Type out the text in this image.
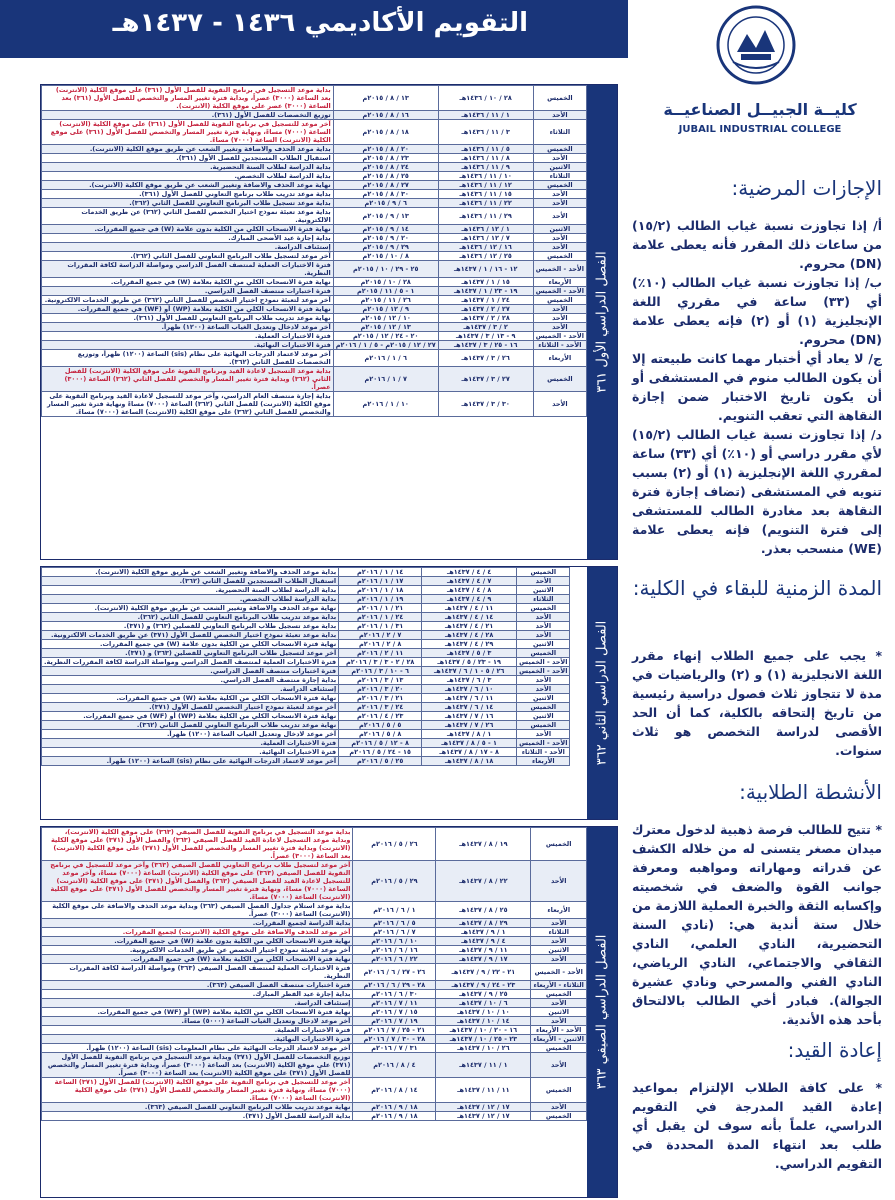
التقويم الأكاديمي ١٤٣٦ - ١٤٣٧هـ
كليــة الجبيــل الصناعيــة
JUBAIL INDUSTRIAL COLLEGE
الإجازات المرضية:

أ/ إذا تجاوزت نسبة غياب الطالب (١٥/٢) من ساعات ذلك المقرر فأنه يعطى علامة (DN) محروم.

ب/ إذا تجاوزت نسبة غياب الطالب (١٠٪) أي (٣٣) ساعة في مقرري اللغة الإنجليزية (١) أو (٢) فإنه يعطى علامة (DN) محروم.

ج/ لا يعاد أي أختبار مهما كانت طبيعته إلا أن يكون الطالب منوم في المستشفى أو أن يكون تاريخ الاختبار ضمن إجازة النقاهة التي تعقب التنويم.

د/ إذا تجاوزت نسبة غياب الطالب (١٥/٢) لأي مقرر دراسي أو (١٠٪) أي (٣٣) ساعة لمقرري اللغة الإنجليزية (١) أو (٢) بسبب تنويه في المستشفى (تضاف إجازة فترة النقاهة بعد مغادرة الطالب للمستشفى إلى فترة التنويم) فإنه يعطى علامة (WE) منسحب بعذر.

المدة الزمنية للبقاء في الكلية:

* يجب على جميع الطلاب إنهاء مقرر اللغة الانجليزية (١) و (٢) والرياضيات في مدة لا تتجاوز ثلاث فصول دراسية رئيسية من تاريخ إلتحاقه بالكلية، كما أن الحد الأقصى لدراسة التخصص هو ثلاث سنوات.

الأنشطة الطلابية:

* تتيح للطالب فرصة ذهبية لدخول معترك ميدان مصغر يتسنى له من خلاله الكشف عن قدراته ومهاراته ومواهبه ومعرفة جوانب القوة والضعف في شخصيته وإكسابه الثقة والخبرة العملية اللازمة من خلال ستة أندية هي: (نادي السنة التحضيرية، النادي العلمي، النادي الثقافي والاجتماعي، النادي الرياضي، النادي الفني والمسرحي ونادي عشيرة الجوالة). فبادر أخي الطالب بالالتحاق بأحد هذه الأندية.

إعادة القيد:

* على كافة الطلاب الإلتزام بمواعيد إعادة القيد المدرجة في التقويم الدراسي، علماً بأنه سوف لن يقبل أي طلب بعد انتهاء المدة المحددة في التقويم الدراسي.

الفصل الدراسي الأول ٣٦١
الخميس	٢٨ / ١٠ / ١٤٣٦هـ	١٣ / ٨ / ٢٠١٥م	بداية موعد التسجيل في برنامج التقوية للفصل الأول (٣٦١) على موقع الكلية (الانترنت) بعد الساعة (٣٠٠٠) عصراً، وبداية فترة تغيير المسار والتخصص للفصل الأول (٣٦١) بعد الساعة (٣٠٠٠) عصر على موقع الكلية (الانترنت).
الأحد	١ / ١١ / ١٤٣٦هـ	١٦ / ٨ / ٢٠١٥م	توزيع التخصصات للفصل الأول (٣٦١).
الثلاثاء	٣ / ١١ / ١٤٣٦هـ	١٨ / ٨ / ٢٠١٥م	آخر موعد للتسجيل في برنامج التقوية للفصل الأول (٣٦١) على موقع الكلية (الانترنت) الساعة (٧٠٠٠) مساءً، ونهاية فترة تغيير المسار والتخصص للفصل الأول (٣٦١) على موقع الكلية (الانترنت) الساعة (٧٠٠٠) مساءً.
الخميس	٥ / ١١ / ١٤٣٦هـ	٢٠ / ٨ / ٢٠١٥م	بداية موعد الحذف والاضافة وتغيير الشعب عن طريق موقع الكلية (الانترنت).
الأحد	٨ / ١١ / ١٤٣٦هـ	٢٣ / ٨ / ٢٠١٥م	استقبال الطلاب المستجدين للفصل الأول (٣٦١).
الاثنين	٩ / ١١ / ١٤٣٦هـ	٢٤ / ٨ / ٢٠١٥م	بداية الدراسة لطلاب السنة التحضيرية.
الثلاثاء	١٠ / ١١ / ١٤٣٦هـ	٢٥ / ٨ / ٢٠١٥م	بداية الدراسة لطلاب التخصص.
الخميس	١٢ / ١١ / ١٤٣٦هـ	٢٧ / ٨ / ٢٠١٥م	نهاية موعد الحذف والاضافة وتغيير الشعب عن طريق موقع الكلية (الانترنت).
الأحد	١٥ / ١١ / ١٤٣٦هـ	٣٠ / ٨ / ٢٠١٥م	بداية موعد تدريب طلاب برنامج التعاوني للفصل الأول (٣٦١).
الأحد	٢٢ / ١١ / ١٤٣٦هـ	٦ / ٩ / ٢٠١٥م	بداية موعد تسجيل طلاب البرنامج التعاوني للفصل الثاني (٣٦٢).
الأحد	٢٩ / ١١ / ١٤٣٦هـ	١٣ / ٩ / ٢٠١٥م	بداية موعد تعبئة نموذج اختيار التخصص للفصل الثاني (٣٦٢) عن طريق الخدمات الالكترونية.
الاثنين	١ / ١٢ / ١٤٣٦هـ	١٤ / ٩ / ٢٠١٥م	نهاية فترة الانسحاب الكلي من الكلية بدون علامة (W) في جميع المقررات.
الأحد	٧ / ١٢ / ١٤٣٦هـ	٢٠ / ٩ / ٢٠١٥م	بداية إجازة عيد الأضحى المبارك.
الأحد	١٦ / ١٢ / ١٤٣٦هـ	٢٩ / ٩ / ٢٠١٥م	إستئناف الدراسة.
الخميس	٢٥ / ١٢ / ١٤٣٦هـ	٨ / ١٠ / ٢٠١٥م	آخر موعد لتسجيل طلاب البرنامج التعاوني للفصل الثاني (٣٦٢).
الأحد - الخميس	١٢ - ١٦ / ١ / ١٤٣٧هـ	٢٥ - ٢٩ / ١٠ / ٢٠١٥م	فترة الاختبارات العملية لمنتصف الفصل الدراسي ومواصلة الدراسة لكافة المقررات النظرية.
الأربعاء	١٥ / ١ / ١٤٣٧هـ	٢٨ / ١٠ / ٢٠١٥م	نهاية فترة الانسحاب الكلي من الكلية بعلامة (W) في جميع المقررات.
الأحد - الخميس	١٩ - ٢٣ / ١ / ١٤٣٧هـ	١ - ٥ / ١١ / ٢٠١٥م	فترة اختبارات منتصف الفصل الدراسي.
الخميس	٢٤ / ١ / ١٤٣٧هـ	٢٦ / ١١ / ٢٠١٥م	آخر موعد لتعبئة نموذج اختيار التخصص للفصل الثاني (٣٦٢) عن طريق الخدمات الالكترونية.
الأحد	٢٧ / ٢ / ١٤٣٧هـ	٩ / ١٢ / ٢٠١٥م	نهاية فترة الانسحاب الكلي من الكلية بعلامة (WP) أو (WF) في جميع المقررات.
الأحد	٢٨ / ٢ / ١٤٣٧هـ	١٠ / ١٢ / ٢٠١٥م	نهاية موعد تدريب طلاب البرنامج التعاوني للفصل الأول (٣٦١).
الأحد	٢ / ٣ / ١٤٣٧هـ	١٣ / ١٢ / ٢٠١٥م	آخر موعد لادخال وتعديل الغياب الساعة (١٢٠٠) ظهراً.
الأحد - الخميس	٩ - ١٣ / ٣ / ١٤٣٧هـ	٢٠ - ٢٤ / ١٢ / ٢٠١٥م	فترة الاختبارات العملية.
الأحد - الثلاثاء	١٦ - ٢٥ / ٣ / ١٤٣٧هـ	٢٧ / ١٢ / ٢٠١٥م - ٥ / ١ / ٢٠١٦م	فترة الاختبارات النهائية.
الأربعاء	٢٦ / ٣ / ١٤٣٧هـ	٦ / ١ / ٢٠١٦م	آخر موعد لاعتماد الدرجات النهائية على نظام (sis) الساعة (١٢٠٠) ظهراً، وتوزيع التخصصات للفصل الثاني (٣٦٢).
الخميس	٢٧ / ٣ / ١٤٣٧هـ	٧ / ١ / ٢٠١٦م	بداية موعد التسجيل لاعادة القيد وبرنامج التقوية على موقع الكلية (الانترنت) للفصل الثاني (٣٦٢) وبداية فترة تغيير المسار والتخصص للفصل الثاني (٣٦٢) الساعة (٣٠٠٠) عصراً.
الأحد	٣٠ / ٣ / ١٤٣٧هـ	١٠ / ١ / ٢٠١٦م	بداية إجازة منتصف العام الدراسي، وآخر موعد للتسجيل لاعادة القيد وبرنامج التقوية على موقع الكلية (الانترنت) للفصل الثاني (٣٦٢) الساعة (٧٠٠٠) مساءً ونهاية فترة تغيير المسار والتخصص للفصل الثاني (٣٦٢) على موقع الكلية (الانترنت) الساعة (٧٠٠٠) مساءً.
الفصل الدراسي الثاني ٣٦٢
الخميس	٤ / ٤ / ١٤٣٧هـ	١٤ / ١ / ٢٠١٦م	بداية موعد الحذف والاضافة وتغيير الشعب عن طريق موقع الكلية (الانترنت).
الأحد	٧ / ٤ / ١٤٣٧هـ	١٧ / ١ / ٢٠١٦م	استقبال الطلاب المستجدين للفصل الثاني (٣٦٢).
الاثنين	٨ / ٤ / ١٤٣٧هـ	١٨ / ١ / ٢٠١٦م	بداية الدراسة لطلاب السنة التحضيرية.
الثلاثاء	٩ / ٤ / ١٤٣٧هـ	١٩ / ١ / ٢٠١٦م	بداية الدراسة لطلاب التخصص.
الخميس	١١ / ٤ / ١٤٣٧هـ	٢١ / ١ / ٢٠١٦م	نهاية موعد الحذف والاضافة وتغيير الشعب عن طريق موقع الكلية (الانترنت).
الأحد	١٤ / ٤ / ١٤٣٧هـ	٢٤ / ١ / ٢٠١٦م	بداية موعد تدريب طلاب البرنامج التعاوني للفصل الثاني (٣٦٢).
الأحد	٢١ / ٤ / ١٤٣٧هـ	٣١ / ١ / ٢٠١٦م	بداية موعد تسجيل طلاب البرنامج التعاوني للفصلين (٣٦٣) و (٣٧١).
الأحد	٢٨ / ٤ / ١٤٣٧هـ	٧ / ٢ / ٢٠١٦م	بداية موعد تعبئة نموذج اختيار التخصص للفصل الأول (٣٧١) عن طريق الخدمات الالكترونية.
الاثنين	٢٩ / ٤ / ١٤٣٧هـ	٨ / ٢ / ٢٠١٦م	نهاية فترة الانسحاب الكلي من الكلية بدون علامة (W) في جميع المقررات.
الخميس	٣ / ٥ / ١٤٣٧هـ	١١ / ٢ / ٢٠١٦م	آخر موعد لتسجيل طلاب البرنامج التعاوني للفصلين (٣٦٣) و (٣٧١).
الأحد - الخميس	١٩ - ٢٣ / ٥ / ١٤٣٧هـ	٢٨ / ٢ - ٣ / ٣ / ٢٠١٦م	فترة الاختبارات العملية لمنتصف الفصل الدراسي ومواصلة الدراسة لكافة المقررات النظرية.
الأحد - الخميس	٢٦ / ٥ - ١ / ٦ / ١٤٣٧هـ	٦ - ١٠ / ٣ / ٢٠١٦م	فترة اختبارات منتصف الفصل الدراسي.
الأحد	٣ / ٦ / ١٤٣٧هـ	١٣ / ٣ / ٢٠١٦م	بداية إجازة منتصف الفصل الدراسي.
الأحد	١٠ / ٦ / ١٤٣٧هـ	٢٠ / ٣ / ٢٠١٦م	إستئناف الدراسة.
الاثنين	١١ / ٦ / ١٤٣٧هـ	٢١ / ٣ / ٢٠١٦م	نهاية فترة الانسحاب الكلي من الكلية بعلامة (W) في جميع المقررات.
الخميس	١٤ / ٦ / ١٤٣٧هـ	٢٤ / ٣ / ٢٠١٦م	آخر موعد لتعبئة نموذج اختيار التخصص للفصل الأول (٣٧١).
الاثنين	١٦ / ٧ / ١٤٣٧هـ	٢٣ / ٤ / ٢٠١٦م	نهاية فترة الانسحاب الكلي من الكلية بعلامة (WP) أو (WF) في جميع المقررات.
الخميس	٢٦ / ٧ / ١٤٣٧هـ	٥ / ٥ / ٢٠١٦م	نهاية موعد تدريب طلاب البرنامج التعاوني للفصل الثاني (٣٦٢).
الأحد	١ / ٨ / ١٤٣٧هـ	٨ / ٥ / ٢٠١٦م	آخر موعد لادخال وتعديل الغياب الساعة (١٢٠٠) ظهراً.
الأحد - الخميس	١ - ٥ / ٨ / ١٤٣٧هـ	٨ - ١٢ / ٥ / ٢٠١٦م	فترة الاختبارات العملية.
الأحد - الثلاثاء	٨ - ١٧ / ٨ / ١٤٣٧هـ	١٥ - ٢٤ / ٥ / ٢٠١٦م	فترة الاختبارات النهائية.
الأربعاء	١٨ / ٨ / ١٤٣٧هـ	٢٥ / ٥ / ٢٠١٦م	آخر موعد لاعتماد الدرجات النهائية على نظام (sis) الساعة (١٢٠٠) ظهراً.
الفصل الدراسي الصيفي ٣٦٣
الخميس	١٩ / ٨ / ١٤٣٧هـ	٢٦ / ٥ / ٢٠١٦م	بداية موعد التسجيل في برنامج التقوية للفصل الصيفي (٣٦٣) على موقع الكلية (الانترنت)، وبداية موعد التسجيل لاعادة القيد للفصل الصيفي (٣٦٣) والفصل الأول (٣٧١) على موقع الكلية (الانترنت) وبداية فترة تغيير المسار والتخصص للفصل الأول (٣٧١) على موقع الكلية (الانترنت) بعد الساعة (٣٠٠٠) عصراً.
الأحد	٢٢ / ٨ / ١٤٣٧هـ	٢٩ / ٥ / ٢٠١٦م	آخر موعد لتسجيل طلاب برنامج التعاوني للفصل الصيفي (٣٦٣) وآخر موعد للتسجيل في برنامج التقوية للفصل الصيفي (٣٦٣) على موقع الكلية (الانترنت) الساعة (٧٠٠٠) مساءً، وآخر موعد للتسجيل لاعادة القيد للفصل الصيفي (٣٦٣) والفصل الأول (٣٧١) على موقع الكلية (الانترنت) الساعة (٧٠٠٠) مساءً، ونهاية فترة تغيير المسار والتخصص للفصل الأول (٣٧١) على موقع الكلية (الانترنت) الساعة (٧٠٠٠) مساءً.
الأربعاء	٢٥ / ٨ / ١٤٣٧هـ	١ / ٦ / ٢٠١٦م	بداية موعد استلام جداول الفصل الصيفي (٣٦٣) وبداية موعد الحذف والاضافة على موقع الكلية (الانترنت) الساعة (٣٠٠٠) عصراً.
الأحد	٢٩ / ٨ / ١٤٣٧هـ	٥ / ٦ / ٢٠١٦م	بداية الدراسة لجميع المقررات.
الثلاثاء	١ / ٩ / ١٤٣٧هـ	٧ / ٦ / ٢٠١٦م	آخر موعد للحذف والاضافة على موقع الكلية (الانترنت) لجميع المقررات.
الأحد	٤ / ٩ / ١٤٣٧هـ	١٠ / ٦ / ٢٠١٦م	نهاية فترة الانسحاب الكلي من الكلية بدون علامة (W) في جميع المقررات.
الاثنين	١١ / ٩ / ١٤٣٧هـ	١٦ / ٦ / ٢٠١٦م	آخر موعد لتعبئة نموذج اختيار التخصص عن طريق الخدمات الالكترونية.
الأحد	١٧ / ٩ / ١٤٣٧هـ	٢٢ / ٦ / ٢٠١٦م	نهاية فترة الانسحاب الكلي من الكلية بعلامة (W) في جميع المقررات.
الأحد - الخميس	٢١ - ٢٢ / ٩ / ١٤٣٧هـ	٢٦ - ٢٧ / ٦ / ٢٠١٦م	فترة الاختبارات العملية لمنتصف الفصل الصيفي (٣٦٣) ومواصلة الدراسة لكافة المقررات النظرية.
الثلاثاء - الأربعاء	٢٣ - ٢٤ / ٩ / ١٤٣٧هـ	٢٨ - ٢٩ / ٦ / ٢٠١٦م	فترة اختبارات منتصف الفصل الصيفي (٣٦٣).
الخميس	٢٥ / ٩ / ١٤٣٧هـ	٣٠ / ٦ / ٢٠١٦م	بداية إجازة عيد الفطر المبارك.
الأحد	٦ / ١٠ / ١٤٣٧هـ	١١ / ٧ / ٢٠١٦م	إستئناف الدراسة.
الاثنين	١٠ / ١٠ / ١٤٣٧هـ	١٥ / ٧ / ٢٠١٦م	نهاية فترة الانسحاب الكلي من الكلية بعلامة (WP) أو (WF) في جميع المقررات.
الأحد	١٤ / ١٠ / ١٤٣٧هـ	١٩ / ٧ / ٢٠١٦م	آخر موعد لادخال وتعديل الغياب الساعة (٥٠٠٠) مساءً.
الأحد - الأربعاء	١٦ - ٢٠ / ١٠ / ١٤٣٧هـ	٢١ - ٢٥ / ٧ / ٢٠١٦م	فترة الاختبارات العملية.
الاثنين - الأربعاء	٢٣ - ٢٥ / ١٠ / ١٤٣٧هـ	٢٨ - ٣٠ / ٧ / ٢٠١٦م	فترة الاختبارات النهائية.
الخميس	٢٦ / ١٠ / ١٤٣٧هـ	٣١ / ٧ / ٢٠١٦م	آخر موعد لاعتماد الدرجات النهائية على نظام المعلومات (sis) الساعة (١٢٠٠) ظهراً.
الأحد	١ / ١١ / ١٤٣٧هـ	٤ / ٨ / ٢٠١٦م	توزيع التخصصات للفصل الأول (٣٧١) وبداية موعد التسجيل في برنامج التقوية للفصل الأول (٣٧١) على موقع الكلية (الانترنت) بعد الساعة (٣٠٠٠) عصراً، وبداية فترة تغيير المسار والتخصص للفصل الأول (٣٧١) على موقع الكلية (الانترنت) بعد الساعة (٣٠٠٠) عصراً.
الخميس	١١ / ١١ / ١٤٣٧هـ	١٤ / ٨ / ٢٠١٦م	آخر موعد للتسجيل في برنامج التقوية على موقع الكلية (الانترنت) للفصل الأول (٣٧١) الساعة (٧٠٠٠) مساءً، ونهاية فترة تغيير المسار والتخصص للفصل الأول (٣٧١) على موقع الكلية (الانترنت) الساعة (٧٠٠٠) مساءً.
الأحد	١٧ / ١٢ / ١٤٣٧هـ	١٨ / ٩ / ٢٠١٦م	نهاية موعد تدريب طلاب البرنامج التعاوني للفصل الصيفي (٣٦٣).
الخميس	١٧ / ١٢ / ١٤٣٧هـ	١٨ / ٩ / ٢٠١٦م	بداية الدراسة للفصل الأول (٣٧١).
